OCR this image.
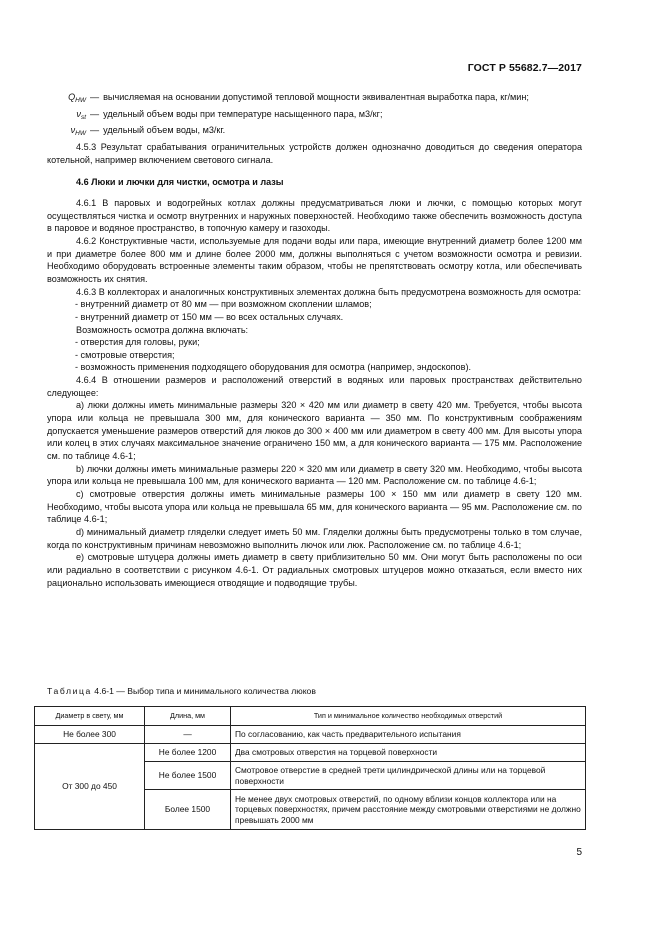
ГОСТ Р 55682.7—2017
$Q_{HW}$ — вычисляемая на основании допустимой тепловой мощности эквивалентная выработка пара, кг/мин;
$\nu_{st}$ — удельный объем воды при температуре насыщенного пара, м3/кг;
$\nu_{HW}$ — удельный объем воды, м3/кг.

4.5.3 Результат срабатывания ограничительных устройств должен однозначно доводиться до сведения оператора котельной, например включением светового сигнала.

4.6 Люки и лючки для чистки, осмотра и лазы

4.6.1 В паровых и водогрейных котлах должны предусматриваться люки и лючки, с помощью которых могут осуществляться чистка и осмотр внутренних и наружных поверхностей. Необходимо также обеспечить возможность доступа в паровое и водяное пространство, в топочную камеру и газоходы.

4.6.2 Конструктивные части, используемые для подачи воды или пара, имеющие внутренний диаметр более 1200 мм и при диаметре более 800 мм и длине более 2000 мм, должны выполняться с учетом возможности осмотра и ревизии. Необходимо оборудовать встроенные элементы таким образом, чтобы не препятствовать осмотру котла, или обеспечивать возможность их снятия.

4.6.3 В коллекторах и аналогичных конструктивных элементах должна быть предусмотрена возможность для осмотра:

- внутренний диаметр от 80 мм — при возможном скоплении шламов;

- внутренний диаметр от 150 мм — во всех остальных случаях.

Возможность осмотра должна включать:

- отверстия для головы, руки;

- смотровые отверстия;

- возможность применения подходящего оборудования для осмотра (например, эндоскопов).

4.6.4 В отношении размеров и расположений отверстий в водяных или паровых пространствах действительно следующее:

а) люки должны иметь минимальные размеры 320 × 420 мм или диаметр в свету 420 мм. Требуется, чтобы высота упора или кольца не превышала 300 мм, для конического варианта — 350 мм. По конструктивным соображениям допускается уменьшение размеров отверстий для люков до 300 × 400 мм или диаметром в свету 400 мм. Для высоты упора или колец в этих случаях максимальное значение ограничено 150 мм, а для конического варианта — 175 мм. Расположение см. по таблице 4.6-1;

b) лючки должны иметь минимальные размеры 220 × 320 мм или диаметр в свету 320 мм. Необходимо, чтобы высота упора или кольца не превышала 100 мм, для конического варианта — 120 мм. Расположение см. по таблице 4.6-1;

c) смотровые отверстия должны иметь минимальные размеры 100 × 150 мм или диаметр в свету 120 мм. Необходимо, чтобы высота упора или кольца не превышала 65 мм, для конического варианта — 95 мм. Расположение см. по таблице 4.6-1;

d) минимальный диаметр гляделки следует иметь 50 мм. Гляделки должны быть предусмотрены только в том случае, когда по конструктивным причинам невозможно выполнить лючок или люк. Расположение см. по таблице 4.6-1;

e) смотровые штуцера должны иметь диаметр в свету приблизительно 50 мм. Они могут быть расположены по оси или радиально в соответствии с рисунком 4.6-1. От радиальных смотровых штуцеров можно отказаться, если вместо них рационально использовать имеющиеся отводящие и подводящие трубы.

Таблица 4.6-1 — Выбор типа и минимального количества люков
Диаметр в свету, мм	Длина, мм	Тип и минимальное количество необходимых отверстий
Не более 300	—	По согласованию, как часть предварительного испытания
От 300 до 450	Не более 1200	Два смотровых отверстия на торцевой поверхности
	Не более 1500	Смотровое отверстие в средней трети цилиндрической длины или на торцевой поверхности
	Более 1500	Не менее двух смотровых отверстий, по одному вблизи концов коллектора или на торцевых поверхностях, причем расстояние между смотровыми отверстиями не должно превышать 2000 мм
5
